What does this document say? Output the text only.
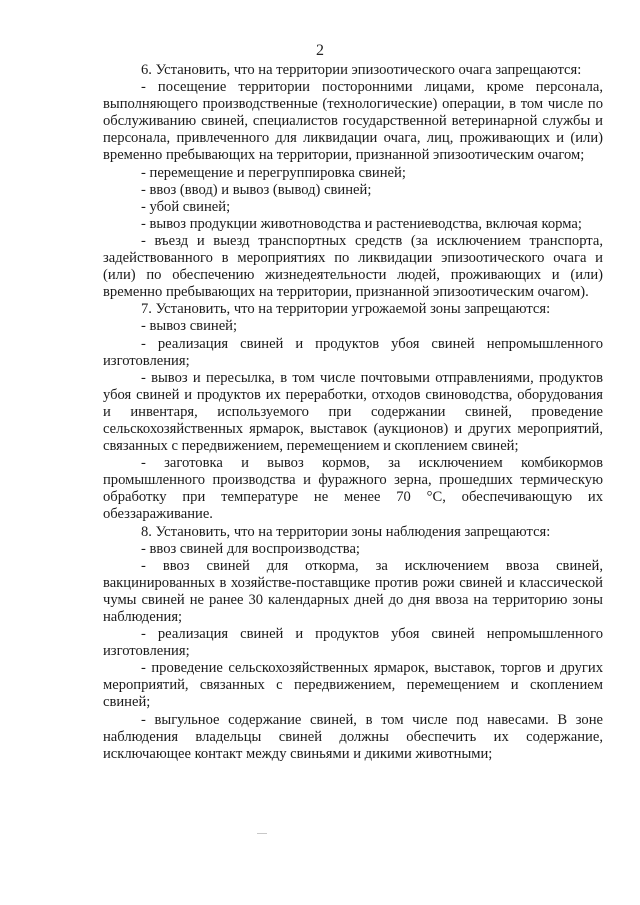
2

6. Установить, что на территории эпизоотического очага запрещаются:

- посещение территории посторонними лицами, кроме персонала, выполняющего производственные (технологические) операции, в том числе по обслуживанию свиней, специалистов государственной ветеринарной службы и персонала, привлеченного для ликвидации очага, лиц, проживающих и (или) временно пребывающих на территории, признанной эпизоотическим очагом;

- перемещение и перегруппировка свиней;

- ввоз (ввод) и вывоз (вывод) свиней;

- убой свиней;

- вывоз продукции животноводства и растениеводства, включая корма;

- въезд и выезд транспортных средств (за исключением транспорта, задействованного в мероприятиях по ликвидации эпизоотического очага и (или) по обеспечению жизнедеятельности людей, проживающих и (или) временно пребывающих на территории, признанной эпизоотическим очагом).

7. Установить, что на территории угрожаемой зоны запрещаются:

- вывоз свиней;

- реализация свиней и продуктов убоя свиней непромышленного изготовления;

- вывоз и пересылка, в том числе почтовыми отправлениями, продуктов убоя свиней и продуктов их переработки, отходов свиноводства, оборудования и инвентаря, используемого при содержании свиней, проведение сельскохозяйственных ярмарок, выставок (аукционов) и других мероприятий, связанных с передвижением, перемещением и скоплением свиней;

- заготовка и вывоз кормов, за исключением комбикормов промышленного производства и фуражного зерна, прошедших термическую обработку при температуре не менее 70 °С, обеспечивающую их обеззараживание.

8. Установить, что на территории зоны наблюдения запрещаются:

- ввоз свиней для воспроизводства;

- ввоз свиней для откорма, за исключением ввоза свиней, вакцинированных в хозяйстве-поставщике против рожи свиней и классической чумы свиней не ранее 30 календарных дней до дня ввоза на территорию зоны наблюдения;

- реализация свиней и продуктов убоя свиней непромышленного изготовления;

- проведение сельскохозяйственных ярмарок, выставок, торгов и других мероприятий, связанных с передвижением, перемещением и скоплением свиней;

- выгульное содержание свиней, в том числе под навесами. В зоне наблюдения владельцы свиней должны обеспечить их содержание, исключающее контакт между свиньями и дикими животными;
